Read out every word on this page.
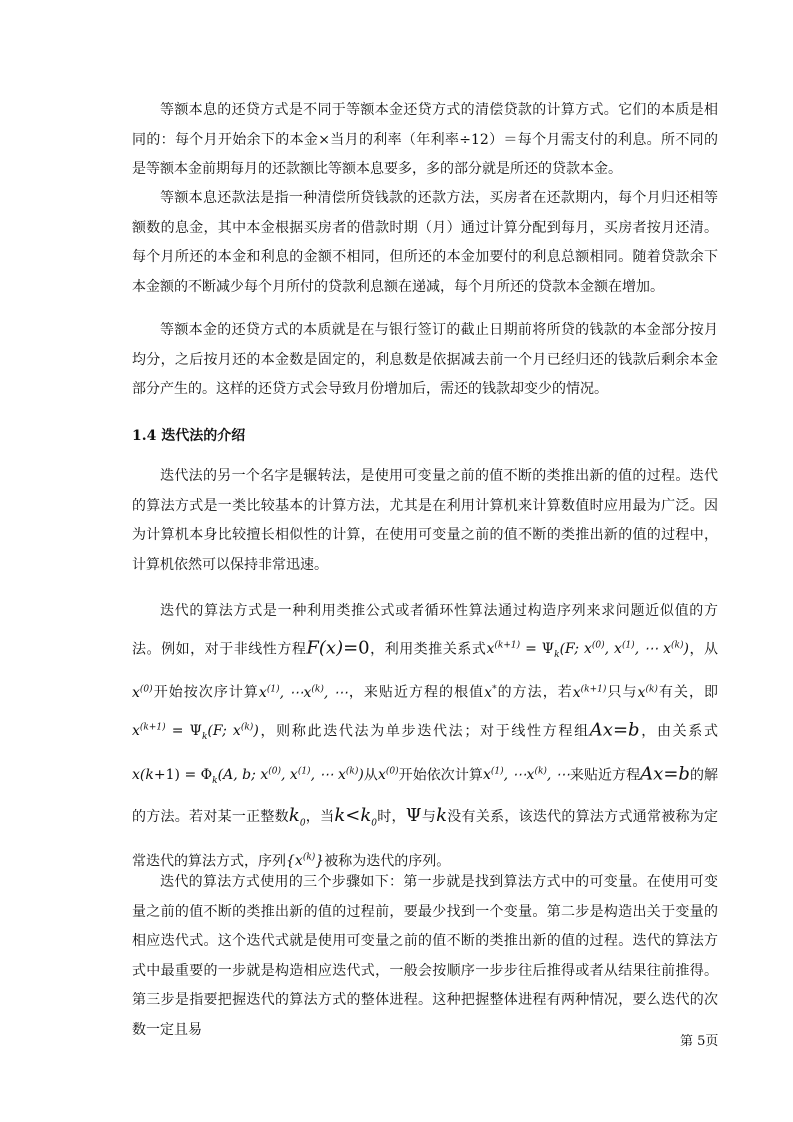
等额本息的还贷方式是不同于等额本金还贷方式的清偿贷款的计算方式。它们的本质是相同的：每个月开始余下的本金×当月的利率（年利率÷12）＝每个月需支付的利息。所不同的是等额本金前期每月的还款额比等额本息要多，多的部分就是所还的贷款本金。

等额本息还款法是指一种清偿所贷钱款的还款方法，买房者在还款期内，每个月归还相等额数的息金，其中本金根据买房者的借款时期（月）通过计算分配到每月，买房者按月还清。每个月所还的本金和利息的金额不相同，但所还的本金加要付的利息总额相同。随着贷款余下本金额的不断减少每个月所付的贷款利息额在递减，每个月所还的贷款本金额在增加。

等额本金的还贷方式的本质就是在与银行签订的截止日期前将所贷的钱款的本金部分按月均分，之后按月还的本金数是固定的，利息数是依据减去前一个月已经归还的钱款后剩余本金部分产生的。这样的还贷方式会导致月份增加后，需还的钱款却变少的情况。

1.4 迭代法的介绍

迭代法的另一个名字是辗转法，是使用可变量之前的值不断的类推出新的值的过程。迭代的算法方式是一类比较基本的计算方法，尤其是在利用计算机来计算数值时应用最为广泛。因为计算机本身比较擅长相似性的计算，在使用可变量之前的值不断的类推出新的值的过程中，计算机依然可以保持非常迅速。

迭代的算法方式是一种利用类推公式或者循环性算法通过构造序列来求问题近似值的方法。例如，对于非线性方程F(x)=0，利用类推关系式$x^{(k+1)} = \Psi_k(F$; $x^{(0)}$, $x^{(1)}$, ⋯ $x^{(k)}$)，从$x^{(0)}$开始按次序计算$x^{(1)}$, $\cdots x^{(k)}$, ⋯，来贴近方程的根值x*的方法，若$x^{(k+1)}$只与$x^{(k)}$有关，即$x^{(k+1)} = \Psi_k(F$; $x^{(k)}$)，则称此迭代法为单步迭代法；对于线性方程组Ax=b，由关系式$x(k+1) = \Phi_k(A$, b; $x^{(0)}$, $x^{(1)}$, ⋯ $x^{(k)}$)从$x^{(0)}$开始依次计算$x^{(1)}$, $\cdots x^{(k)}$, ⋯来贴近方程Ax=b的解的方法。若对某一正整数$k_0$，当$k<k_0$时，Ψ与k没有关系，该迭代的算法方式通常被称为定常迭代的算法方式，序列$\{x^{(k)}\}$被称为迭代的序列。

迭代的算法方式使用的三个步骤如下：第一步就是找到算法方式中的可变量。在使用可变量之前的值不断的类推出新的值的过程前，要最少找到一个变量。第二步是构造出关于变量的相应迭代式。这个迭代式就是使用可变量之前的值不断的类推出新的值的过程。迭代的算法方式中最重要的一步就是构造相应迭代式，一般会按顺序一步步往后推得或者从结果往前推得。第三步是指要把握迭代的算法方式的整体进程。这种把握整体进程有两种情况，要么迭代的次数一定且易

第 5页
